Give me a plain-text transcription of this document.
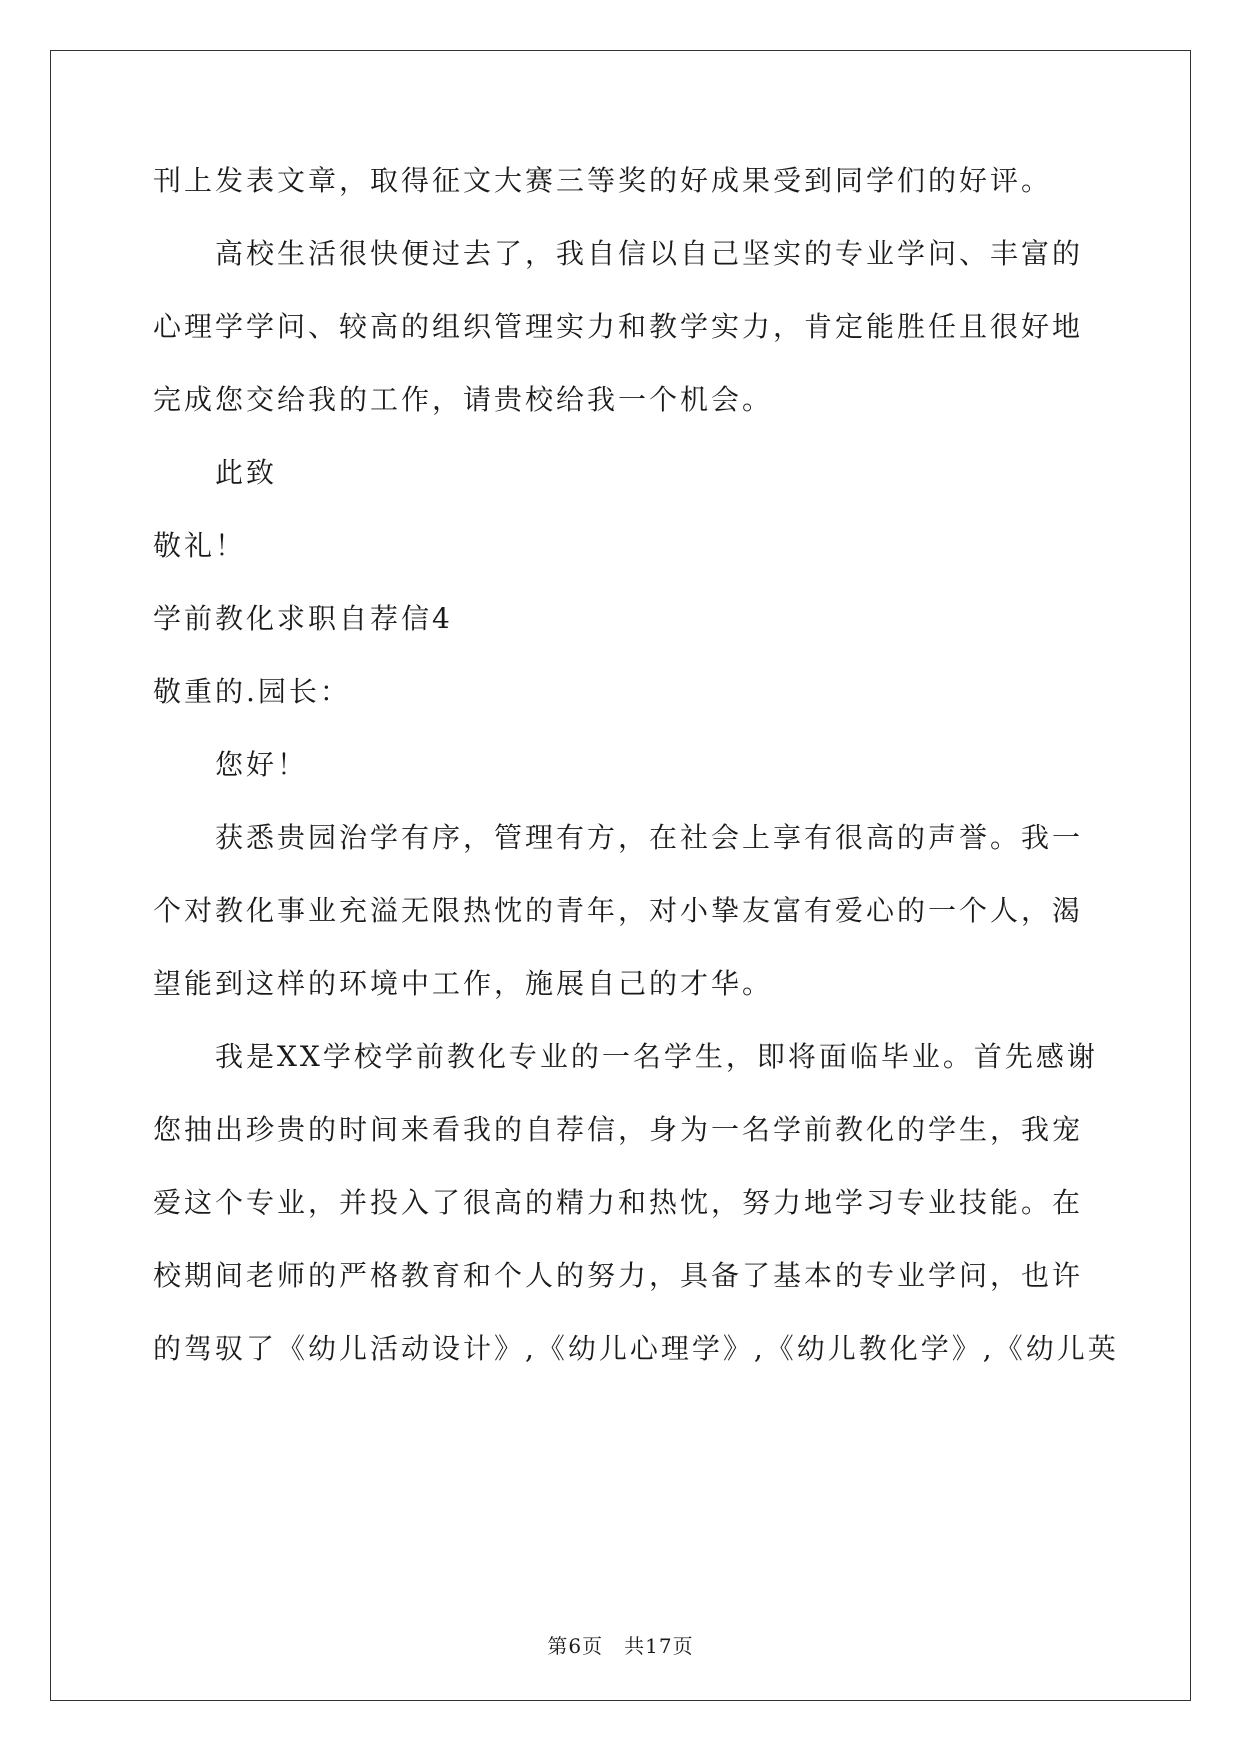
刊上发表文章，取得征文大赛三等奖的好成果受到同学们的好评。
高校生活很快便过去了，我自信以自己坚实的专业学问、丰富的
心理学学问、较高的组织管理实力和教学实力，肯定能胜任且很好地
完成您交给我的工作，请贵校给我一个机会。
此致
敬礼！
学前教化求职自荐信4
敬重的.园长：
您好！
获悉贵园治学有序，管理有方，在社会上享有很高的声誉。我一
个对教化事业充溢无限热忱的青年，对小挚友富有爱心的一个人，渴
望能到这样的环境中工作，施展自己的才华。
我是XX学校学前教化专业的一名学生，即将面临毕业。首先感谢
您抽出珍贵的时间来看我的自荐信，身为一名学前教化的学生，我宠
爱这个专业，并投入了很高的精力和热忱，努力地学习专业技能。在
校期间老师的严格教育和个人的努力，具备了基本的专业学问，也许
的驾驭了《幼儿活动设计》,《幼儿心理学》,《幼儿教化学》,《幼儿英
第6页　共17页
